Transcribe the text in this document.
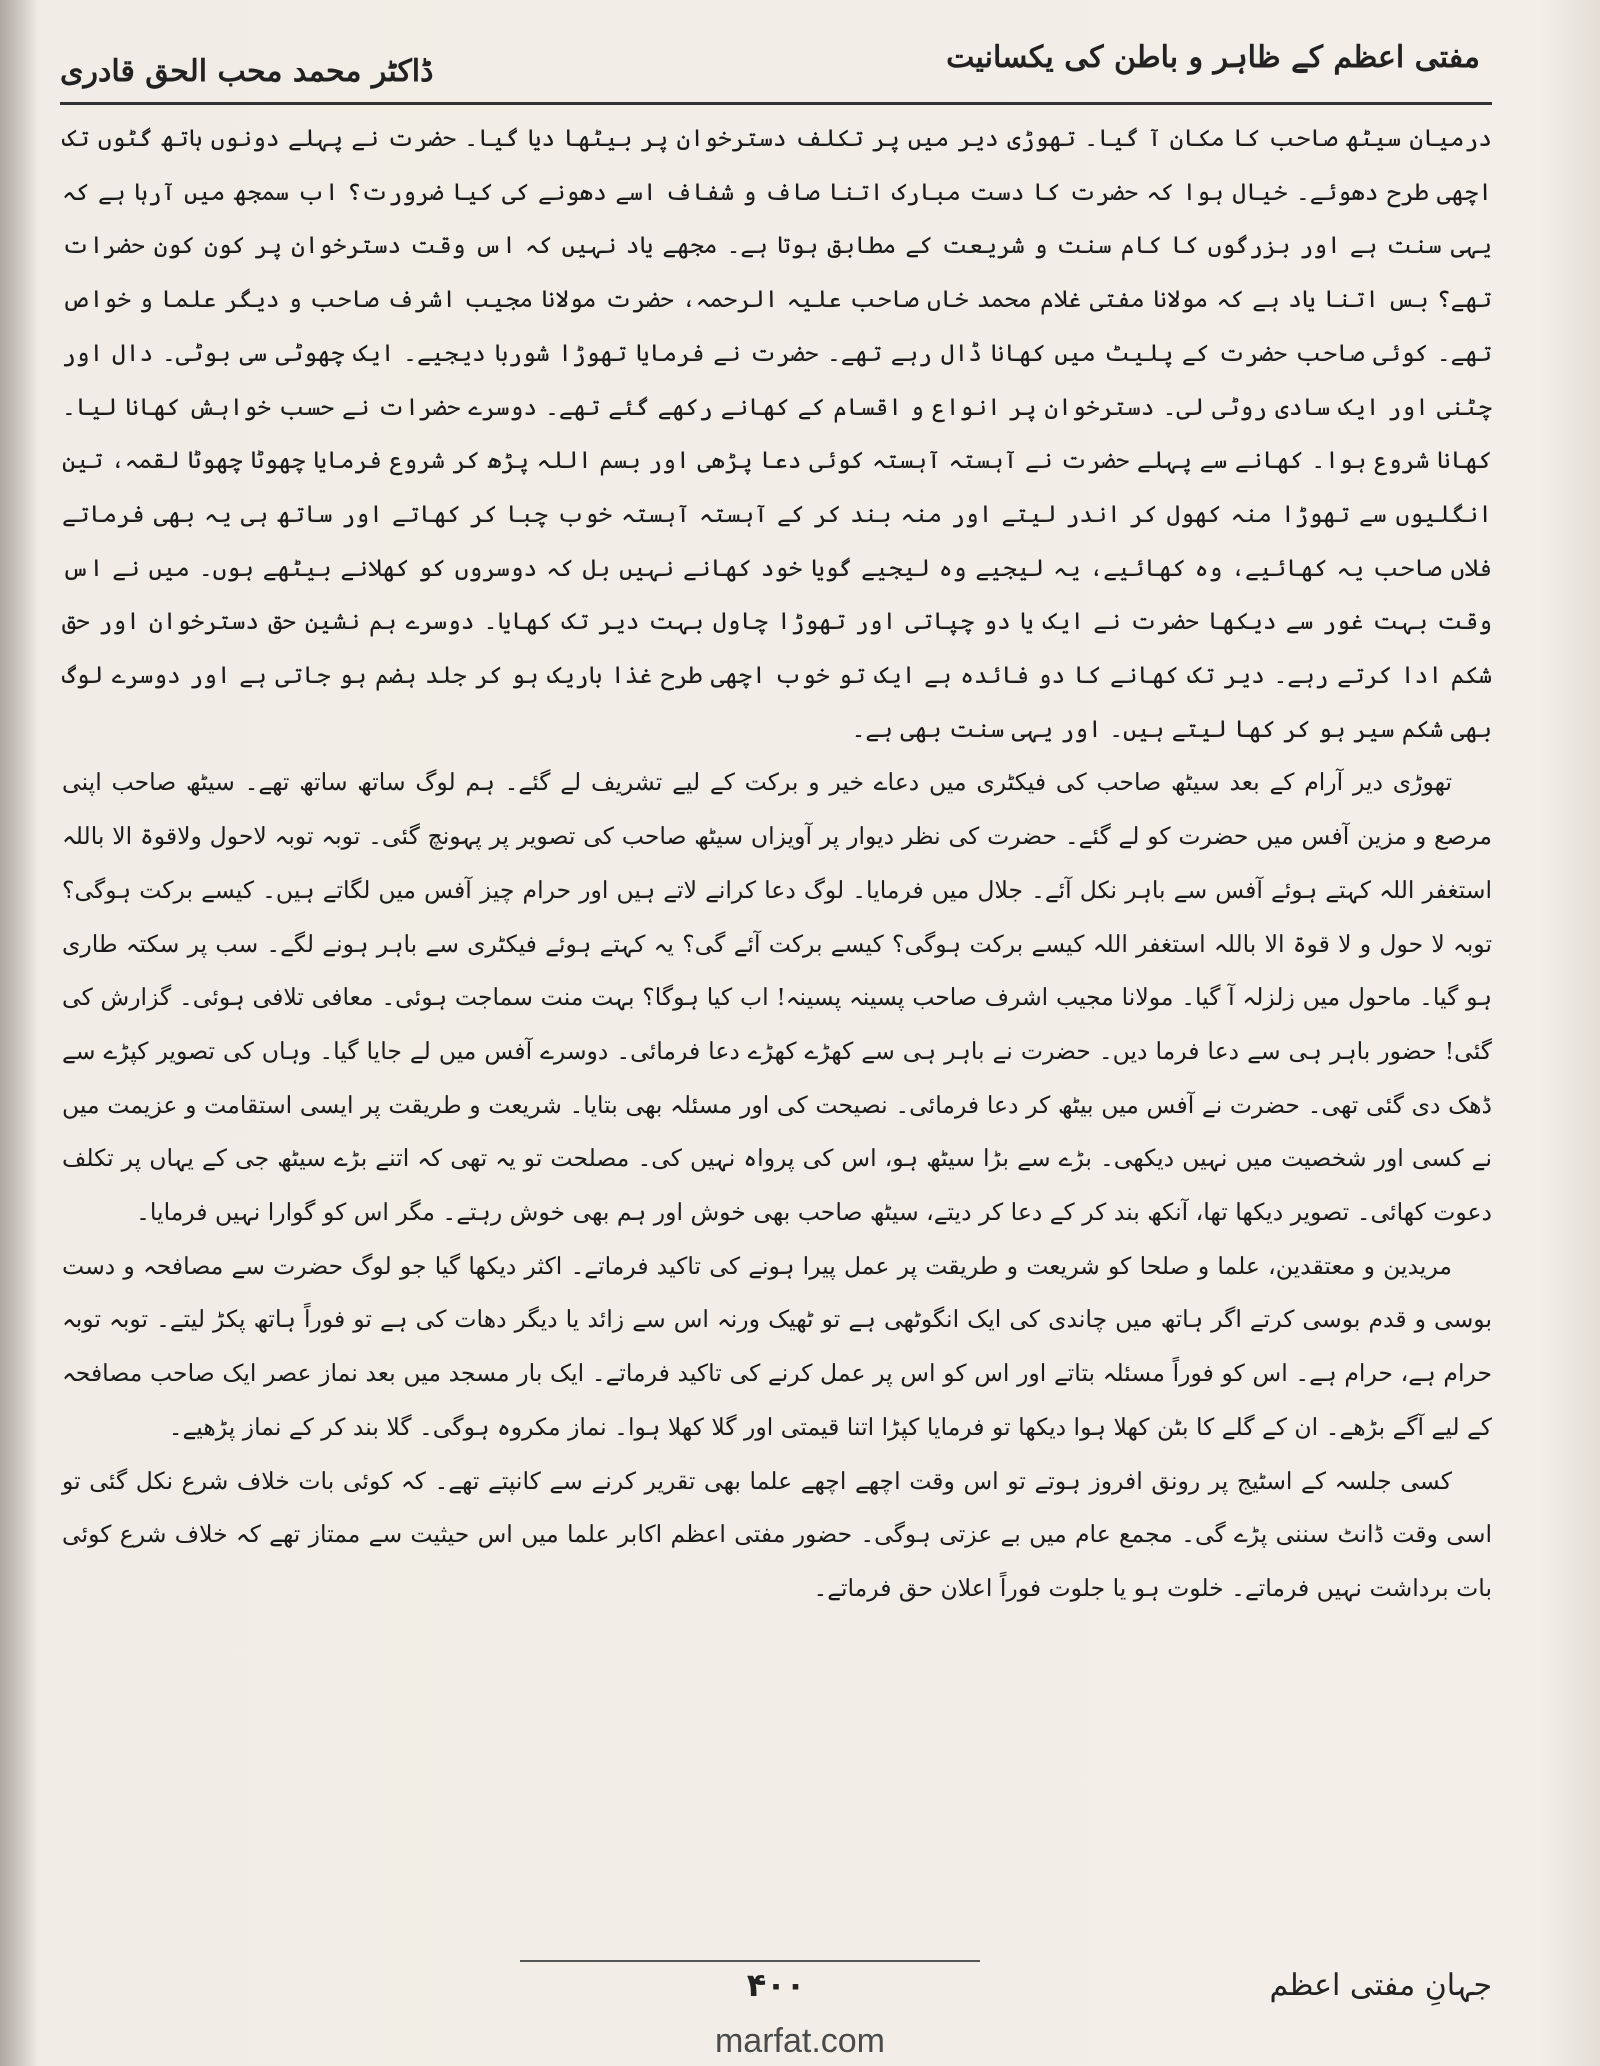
مفتی اعظم کے ظاہر و باطن کی یکسانیت
ڈاکٹر محمد محب الحق قادری

درمیان سیٹھ صاحب کا مکان آ گیا۔ تھوڑی دیر میں پر تکلف دسترخوان پر بیٹھا دیا گیا۔ حضرت نے پہلے دونوں ہاتھ گٹوں تک اچھی طرح دھوئے۔ خیال ہوا کہ حضرت کا دست مبارک اتنا صاف و شفاف اسے دھونے کی کیا ضرورت؟ اب سمجھ میں آرہا ہے کہ یہی سنت ہے اور بزرگوں کا کام سنت و شریعت کے مطابق ہوتا ہے۔ مجھے یاد نہیں کہ اس وقت دسترخوان پر کون کون حضرات تھے؟ بس اتنا یاد ہے کہ مولانا مفتی غلام محمد خاں صاحب علیہ الرحمہ، حضرت مولانا مجیب اشرف صاحب و دیگر علما و خواص تھے۔ کوئی صاحب حضرت کے پلیٹ میں کھانا ڈال رہے تھے۔ حضرت نے فرمایا تھوڑا شوربا دیجیے۔ ایک چھوٹی سی بوٹی۔ دال اور چٹنی اور ایک سادی روٹی لی۔ دسترخوان پر انواع و اقسام کے کھانے رکھے گئے تھے۔ دوسرے حضرات نے حسب خواہش کھانا لیا۔ کھانا شروع ہوا۔ کھانے سے پہلے حضرت نے آہستہ آہستہ کوئی دعا پڑھی اور بسم اللہ پڑھ کر شروع فرمایا چھوٹا چھوٹا لقمہ، تین انگلیوں سے تھوڑا منہ کھول کر اندر لیتے اور منہ بند کر کے آہستہ آہستہ خوب چبا کر کھاتے اور ساتھ ہی یہ بھی فرماتے فلاں صاحب یہ کھائیے، وہ کھائیے، یہ لیجیے وہ لیجیے گویا خود کھانے نہیں بل کہ دوسروں کو کھلانے بیٹھے ہوں۔ میں نے اس وقت بہت غور سے دیکھا حضرت نے ایک یا دو چپاتی اور تھوڑا چاول بہت دیر تک کھایا۔ دوسرے ہم نشین حق دسترخوان اور حق شکم ادا کرتے رہے۔ دیر تک کھانے کا دو فائدہ ہے ایک تو خوب اچھی طرح غذا باریک ہو کر جلد ہضم ہو جاتی ہے اور دوسرے لوگ بھی شکم سیر ہو کر کھا لیتے ہیں۔ اور یہی سنت بھی ہے۔

تھوڑی دیر آرام کے بعد سیٹھ صاحب کی فیکٹری میں دعاے خیر و برکت کے لیے تشریف لے گئے۔ ہم لوگ ساتھ ساتھ تھے۔ سیٹھ صاحب اپنی مرصع و مزین آفس میں حضرت کو لے گئے۔ حضرت کی نظر دیوار پر آویزاں سیٹھ صاحب کی تصویر پر پہونچ گئی۔ توبہ توبہ لاحول ولاقوۃ الا باللہ استغفر اللہ کہتے ہوئے آفس سے باہر نکل آئے۔ جلال میں فرمایا۔ لوگ دعا کرانے لاتے ہیں اور حرام چیز آفس میں لگاتے ہیں۔ کیسے برکت ہوگی؟ توبہ لا حول و لا قوۃ الا باللہ استغفر اللہ کیسے برکت ہوگی؟ کیسے برکت آئے گی؟ یہ کہتے ہوئے فیکٹری سے باہر ہونے لگے۔ سب پر سکتہ طاری ہو گیا۔ ماحول میں زلزلہ آ گیا۔ مولانا مجیب اشرف صاحب پسینہ پسینہ! اب کیا ہوگا؟ بہت منت سماجت ہوئی۔ معافی تلافی ہوئی۔ گزارش کی گئی! حضور باہر ہی سے دعا فرما دیں۔ حضرت نے باہر ہی سے کھڑے کھڑے دعا فرمائی۔ دوسرے آفس میں لے جایا گیا۔ وہاں کی تصویر کپڑے سے ڈھک دی گئی تھی۔ حضرت نے آفس میں بیٹھ کر دعا فرمائی۔ نصیحت کی اور مسئلہ بھی بتایا۔ شریعت و طریقت پر ایسی استقامت و عزیمت میں نے کسی اور شخصیت میں نہیں دیکھی۔ بڑے سے بڑا سیٹھ ہو، اس کی پرواہ نہیں کی۔ مصلحت تو یہ تھی کہ اتنے بڑے سیٹھ جی کے یہاں پر تکلف دعوت کھائی۔ تصویر دیکھا تھا، آنکھ بند کر کے دعا کر دیتے، سیٹھ صاحب بھی خوش اور ہم بھی خوش رہتے۔ مگر اس کو گوارا نہیں فرمایا۔

مریدین و معتقدین، علما و صلحا کو شریعت و طریقت پر عمل پیرا ہونے کی تاکید فرماتے۔ اکثر دیکھا گیا جو لوگ حضرت سے مصافحہ و دست بوسی و قدم بوسی کرتے اگر ہاتھ میں چاندی کی ایک انگوٹھی ہے تو ٹھیک ورنہ اس سے زائد یا دیگر دھات کی ہے تو فوراً ہاتھ پکڑ لیتے۔ توبہ توبہ حرام ہے، حرام ہے۔ اس کو فوراً مسئلہ بتاتے اور اس کو اس پر عمل کرنے کی تاکید فرماتے۔ ایک بار مسجد میں بعد نماز عصر ایک صاحب مصافحہ کے لیے آگے بڑھے۔ ان کے گلے کا بٹن کھلا ہوا دیکھا تو فرمایا کپڑا اتنا قیمتی اور گلا کھلا ہوا۔ نماز مکروہ ہوگی۔ گلا بند کر کے نماز پڑھیے۔

کسی جلسہ کے اسٹیج پر رونق افروز ہوتے تو اس وقت اچھے اچھے علما بھی تقریر کرنے سے کانپتے تھے۔ کہ کوئی بات خلاف شرع نکل گئی تو اسی وقت ڈانٹ سننی پڑے گی۔ مجمع عام میں بے عزتی ہوگی۔ حضور مفتی اعظم اکابر علما میں اس حیثیت سے ممتاز تھے کہ خلاف شرع کوئی بات برداشت نہیں فرماتے۔ خلوت ہو یا جلوت فوراً اعلان حق فرماتے۔

جہانِ مفتی اعظم
۴۰۰
marfat.com
